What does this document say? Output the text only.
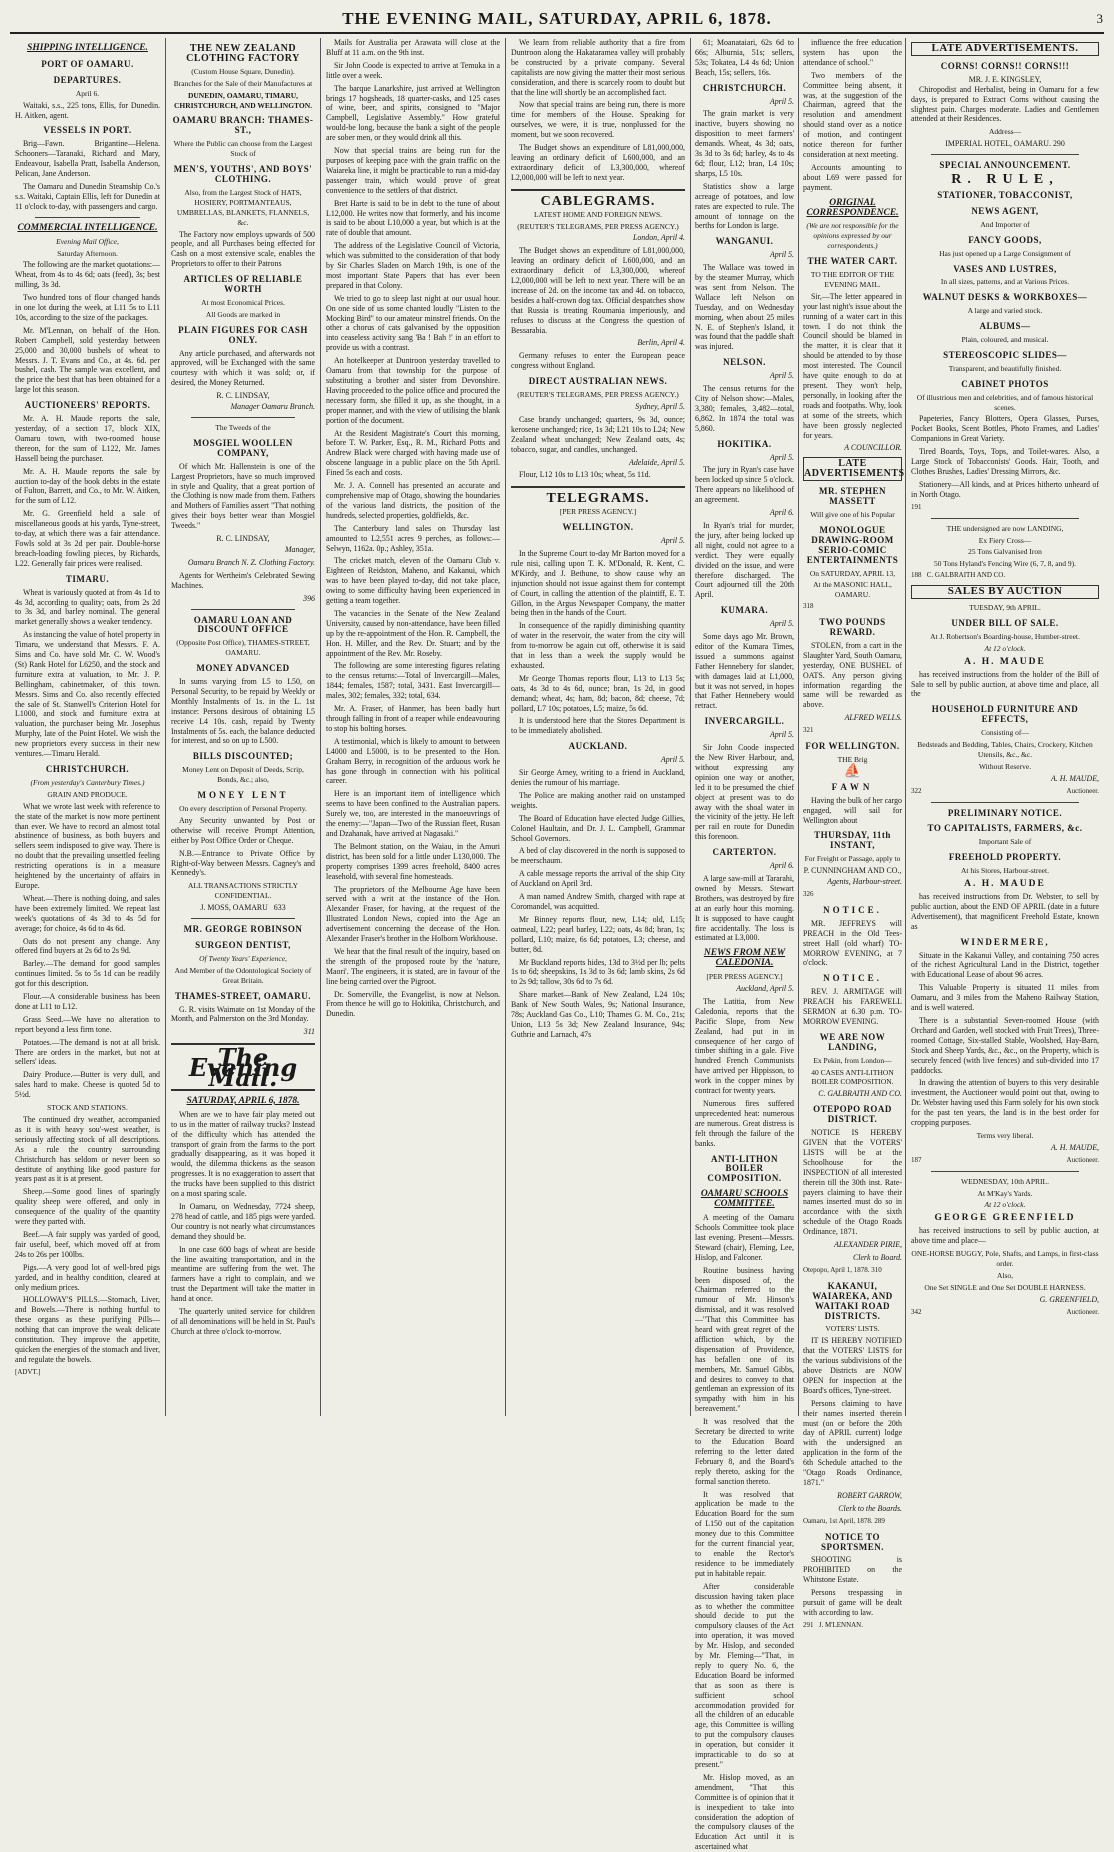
THE EVENING MAIL, SATURDAY, APRIL 6, 1878.	3
SHIPPING INTELLIGENCE.
PORT OF OAMARU.
DEPARTURES.
April 6.

Waitaki, s.s., 225 tons, Ellis, for Dunedin. H. Aitken, agent.

VESSELS IN PORT.

Brig—Fawn. Brigantine—Helena. Schooners—Taranaki, Richard and Mary, Endeavour, Isabella Pratt, Isabella Anderson, Pelican, Jane Anderson.

The Oamaru and Dunedin Steamship Co.'s s.s. Waitaki, Captain Ellis, left for Dunedin at 11 o'clock to-day, with passengers and cargo.

COMMERCIAL INTELLIGENCE.
Evening Mail Office,
Saturday Afternoon.

The following are the market quotations:—Wheat, from 4s to 4s 6d; oats (feed), 3s; best milling, 3s 3d.

Two hundred tons of flour changed hands in one lot during the week, at L11 5s to L11 10s, according to the size of the packages.

Mr. M'Lennan, on behalf of the Hon. Robert Campbell, sold yesterday between 25,000 and 30,000 bushels of wheat to Messrs. J. T. Evans and Co., at 4s. 6d. per bushel, cash. The sample was excellent, and the price the best that has been obtained for a large lot this season.

AUCTIONEERS' REPORTS.

Mr. A. H. Maude reports the sale, yesterday, of a section 17, block XIX, Oamaru town, with two-roomed house thereon, for the sum of L122, Mr. James Hassell being the purchaser.

Mr. A. H. Maude reports the sale by auction to-day of the book debts in the estate of Fulton, Barrett, and Co., to Mr. W. Aitken, for the sum of L12.

Mr. G. Greenfield held a sale of miscellaneous goods at his yards, Tyne-street, to-day, at which there was a fair attendance. Fowls sold at 3s 2d per pair. Double-horse breach-loading fowling pieces, by Richards, L22. Generally fair prices were realised.

TIMARU.

Wheat is variously quoted at from 4s 1d to 4s 3d, according to quality; oats, from 2s 2d to 3s 3d, and barley nominal. The general market generally shows a weaker tendency.

As instancing the value of hotel property in Timaru, we understand that Messrs. F. A. Sims and Co. have sold Mr. C. W. Wood's (St) Rank Hotel for L6250, and the stock and furniture extra at valuation, to Mr. J. P. Bellingham, cabinetmaker, of this town. Messrs. Sims and Co. also recently effected the sale of St. Stanwell's Criterion Hotel for L1000, and stock and furniture extra at valuation, the purchaser being Mr. Josephus Murphy, late of the Point Hotel. We wish the new proprietors every success in their new ventures.—Timaru Herald.

CHRISTCHURCH.
(From yesterday's Canterbury Times.)
GRAIN AND PRODUCE.

What we wrote last week with reference to the state of the market is now more pertinent than ever. We have to record an almost total abstinence of business, as both buyers and sellers seem indisposed to give way. There is no doubt that the prevailing unsettled feeling restricting operations is in a measure heightened by the uncertainty of affairs in Europe.

Wheat.—There is nothing doing, and sales have been extremely limited. We repeat last week's quotations of 4s 3d to 4s 5d for average; for choice, 4s 6d to 4s 6d.

Oats do not present any change. Any offered find buyers at 2s 6d to 2s 9d.

Barley.—The demand for good samples continues limited. 5s to 5s 1d can be readily got for this description.

Flour.—A considerable business has been done at L11 to L12.

Grass Seed.—We have no alteration to report beyond a less firm tone.

Potatoes.—The demand is not at all brisk. There are orders in the market, but not at sellers' ideas.

Dairy Produce.—Butter is very dull, and sales hard to make. Cheese is quoted 5d to 5½d.

STOCK AND STATIONS.

The continued dry weather, accompanied as it is with heavy sou'-west weather, is seriously affecting stock of all descriptions. As a rule the country surrounding Christchurch has seldom or never been so destitute of anything like good pasture for years past as it is at present.

Sheep.—Some good lines of sparingly quality sheep were offered, and only in consequence of the quality of the quantity were they parted with.

Beef.—A fair supply was yarded of good, fair useful, beef, which moved off at from 24s to 26s per 100lbs.

Pigs.—A very good lot of well-bred pigs yarded, and in healthy condition, cleared at only medium prices.

HOLLOWAY'S PILLS.—Stomach, Liver, and Bowels.—There is nothing hurtful to these organs as these purifying Pills—nothing that can improve the weak delicate constitution. They improve the appetite, quicken the energies of the stomach and liver, and regulate the bowels.

[ADVT.]
THE NEW ZEALAND CLOTHING FACTORY
(Custom House Square, Dunedin).
Branches for the Sale of their Manufactures at
DUNEDIN, OAMARU, TIMARU, CHRISTCHURCH, AND WELLINGTON.
OAMARU BRANCH: THAMES-ST.,
Where the Public can choose from the Largest Stock of
MEN'S, YOUTHS', AND BOYS' CLOTHING.
Also, from the Largest Stock of HATS, HOSIERY, PORTMANTEAUS, UMBRELLAS, BLANKETS, FLANNELS, &c.

The Factory now employs upwards of 500 people, and all Purchases being effected for Cash on a most extensive scale, enables the Proprietors to offer to their Patrons

ARTICLES OF RELIABLE WORTH
At most Economical Prices.
All Goods are marked in
PLAIN FIGURES FOR CASH ONLY.

Any article purchased, and afterwards not approved, will be Exchanged with the same courtesy with which it was sold; or, if desired, the Money Returned.

R. C. LINDSAY,
Manager Oamaru Branch.
The Tweeds of the
MOSGIEL WOOLLEN COMPANY,

Of which Mr. Hallenstein is one of the Largest Proprietors, have so much improved in style and Quality, that a great portion of the Clothing is now made from them. Fathers and Mothers of Families assert "That nothing gives their boys better wear than Mosgiel Tweeds."

R. C. LINDSAY,
Manager,
Oamaru Branch N. Z. Clothing Factory.

Agents for Wertheim's Celebrated Sewing Machines.

396
OAMARU LOAN AND DISCOUNT OFFICE
(Opposite Post Office), THAMES-STREET, OAMARU.
MONEY ADVANCED

In sums varying from L5 to L50, on Personal Security, to be repaid by Weekly or Monthly Instalments of 1s. in the L. 1st instance: Persons desirous of obtaining L5 receive L4 10s. cash, repaid by Twenty Instalments of 5s. each, the balance deducted for interest, and so on up to L500.

BILLS DISCOUNTED;
Money Lent on Deposit of Deeds, Scrip, Bonds, &c.; also,
MONEY LENT
On every description of Personal Property.

Any Security unwanted by Post or otherwise will receive Prompt Attention, either by Post Office Order or Cheque.

N.B.—Entrance to Private Office by Right-of-Way between Messrs. Cagney's and Kennedy's.

ALL TRANSACTIONS STRICTLY CONFIDENTIAL.
J. MOSS, OAMARU 633
MR. GEORGE ROBINSON
SURGEON DENTIST,
Of Twenty Years' Experience,
And Member of the Odontological Society of Great Britain.
THAMES-STREET, OAMARU.

G. R. visits Waimate on 1st Monday of the Month, and Palmerston on the 3rd Monday.

311
The Evening Mail.
SATURDAY, APRIL 6, 1878.

When are we to have fair play meted out to us in the matter of railway trucks? Instead of the difficulty which has attended the transport of grain from the farms to the port gradually disappearing, as it was hoped it would, the dilemma thickens as the season progresses. It is no exaggeration to assert that the trucks have been supplied to this district on a most sparing scale.

In Oamaru, on Wednesday, 7724 sheep, 278 head of cattle, and 185 pigs were yarded. Our country is not nearly what circumstances demand they should be.

In one case 600 bags of wheat are beside the line awaiting transportation, and in the meantime are suffering from the wet. The farmers have a right to complain, and we trust the Department will take the matter in hand at once.

The quarterly united service for children of all denominations will be held in St. Paul's Church at three o'clock to-morrow.

Mails for Australia per Arawata will close at the Bluff at 11 a.m. on the 9th inst.

Sir John Coode is expected to arrive at Temuka in a little over a week.

The barque Lanarkshire, just arrived at Wellington brings 17 hogsheads, 18 quarter-casks, and 125 cases of wine, beer, and spirits, consigned to "Major Campbell, Legislative Assembly." How grateful would-be long, because the bank a sight of the people are sober men, or they would drink all this.

Now that special trains are being run for the purposes of keeping pace with the grain traffic on the Waiareka line, it might be practicable to run a mid-day passenger train, which would prove of great convenience to the settlers of that district.

Bret Harte is said to be in debt to the tune of about L12,000. He writes now that formerly, and his income is said to be about L10,000 a year, but which is at the rate of double that amount.

The address of the Legislative Council of Victoria, which was submitted to the consideration of that body by Sir Charles Sladen on March 19th, is one of the most important State Papers that has ever been prepared in that Colony.

We tried to go to sleep last night at our usual hour. On one side of us some chanted loudly "Listen to the Mocking Bird" to our amateur minstrel friends. On the other a chorus of cats galvanised by the opposition into ceaseless activity sang 'Ba ! Bah !' in an effort to provide us with a contrast.

An hotelkeeper at Duntroon yesterday travelled to Oamaru from that township for the purpose of substituting a brother and sister from Devonshire. Having proceeded to the police office and procured the necessary form, she filled it up, as she thought, in a proper manner, and with the view of utilising the blank portion of the document.

At the Resident Magistrate's Court this morning, before T. W. Parker, Esq., R. M., Richard Potts and Andrew Black were charged with having made use of obscene language in a public place on the 5th April. Fined 5s each and costs.

Mr. J. A. Connell has presented an accurate and comprehensive map of Otago, showing the boundaries of the various land districts, the position of the hundreds, selected properties, goldfields, &c.

The Canterbury land sales on Thursday last amounted to L2,551 acres 9 perches, as follows:—Selwyn, 1162a. 0p.; Ashley, 351a.

The cricket match, eleven of the Oamaru Club v. Eighteen of Reidston, Maheno, and Kakanui, which was to have been played to-day, did not take place, owing to some difficulty having been experienced in getting a team together.

The vacancies in the Senate of the New Zealand University, caused by non-attendance, have been filled up by the re-appointment of the Hon. R. Campbell, the Hon. H. Miller, and the Rev. Dr. Stuart; and by the appointment of the Rev. Mr. Roseby.

The following are some interesting figures relating to the census returns:—Total of Invercargill—Males, 1844; females, 1587; total, 3431. East Invercargill—males, 302; females, 332; total, 634.

Mr. A. Fraser, of Hanmer, has been badly hurt through falling in front of a reaper while endeavouring to stop his bolting horses.

A testimonial, which is likely to amount to between L4000 and L5000, is to be presented to the Hon. Graham Berry, in recognition of the arduous work he has gone through in connection with his political career.

Here is an important item of intelligence which seems to have been confined to the Australian papers. Surely we, too, are interested in the manoeuvrings of the enemy:—"Japan—Two of the Russian fleet, Rusan and Dzahanak, have arrived at Nagasaki."

The Belmont station, on the Waiau, in the Amuri district, has been sold for a little under L130,000. The property comprises 1399 acres freehold, 8400 acres leasehold, with several fine homesteads.

The proprietors of the Melbourne Age have been served with a writ at the instance of the Hon. Alexander Fraser, for having, at the request of the Illustrated London News, copied into the Age an advertisement concerning the decease of the Hon. Alexander Fraser's brother in the Holborn Workhouse.

We hear that the final result of the inquiry, based on the strength of the proposed route by the 'nature, Maori'. The engineers, it is stated, are in favour of the line being carried over the Pigroot.

Dr. Somerville, the Evangelist, is now at Nelson. From thence he will go to Hokitika, Christchurch, and Dunedin.

We learn from reliable authority that a fire from Duntroon along the Hakataramea valley will probably be constructed by a private company. Several capitalists are now giving the matter their most serious consideration, and there is scarcely room to doubt but that the line will shortly be an accomplished fact.

Now that special trains are being run, there is more time for members of the House. Speaking for ourselves, we were, it is true, nonplussed for the moment, but we soon recovered.

The Budget shows an expenditure of L81,000,000, leaving an ordinary deficit of L600,000, and an extraordinary deficit of L3,300,000, whereof L2,000,000 will be left to next year.

CABLEGRAMS.
LATEST HOME AND FOREIGN NEWS.
(REUTER'S TELEGRAMS, PER PRESS AGENCY.)
London, April 4.

The Budget shows an expenditure of L81,000,000, leaving an ordinary deficit of L600,000, and an extraordinary deficit of L3,300,000, whereof L2,000,000 will be left to next year. There will be an increase of 2d. on the income tax and 4d. on tobacco, besides a half-crown dog tax. Official despatches show that Russia is treating Roumania imperiously, and refuses to discuss at the Congress the question of Bessarabia.

Berlin, April 4.

Germany refuses to enter the European peace congress without England.

DIRECT AUSTRALIAN NEWS.
(REUTER'S TELEGRAMS, PER PRESS AGENCY.)
Sydney, April 5.

Case brandy unchanged; quarters, 9s 3d, ounce; kerosene unchanged; rice, 1s 3d; L21 10s to L24; New Zealand wheat unchanged; New Zealand oats, 4s; tobacco, sugar, and candles, unchanged.

Adelaide, April 5.

Flour, L12 10s to L13 10s; wheat, 5s 11d.

TELEGRAMS.
[PER PRESS AGENCY.]
WELLINGTON.
April 5.

In the Supreme Court to-day Mr Barton moved for a rule nisi, calling upon T. K. M'Donald, R. Kent, C. M'Kirdy, and J. Bethune, to show cause why an injunction should not issue against them for contempt of Court, in calling the attention of the plaintiff, E. T. Gillon, in the Argus Newspaper Company, the matter being then in the hands of the Court.

In consequence of the rapidly diminishing quantity of water in the reservoir, the water from the city will from to-morrow be again cut off, otherwise it is said that in less than a week the supply would be exhausted.

Mr George Thomas reports flour, L13 to L13 5s; oats, 4s 3d to 4s 6d, ounce; bran, 1s 2d, in good demand; wheat, 4s; ham, 8d; bacon, 8d; cheese, 7d; pollard, L7 10s; potatoes, L5; maize, 5s 6d.

It is understood here that the Stores Department is to be immediately abolished.

AUCKLAND.
April 5.

Sir George Arney, writing to a friend in Auckland, denies the rumour of his marriage.

The Police are making another raid on unstamped weights.

The Board of Education have elected Judge Gillies, Colonel Haultain, and Dr. J. L. Campbell, Grammar School Governors.

A bed of clay discovered in the north is supposed to be meerschaum.

A cable message reports the arrival of the ship City of Auckland on April 3rd.

A man named Andrew Smith, charged with rape at Coromandel, was acquitted.

Mr Binney reports flour, new, L14; old, L15; oatmeal, L22; pearl barley, L22; oats, 4s 8d; bran, 1s; pollard, L10; maize, 6s 6d; potatoes, L3; cheese, and butter, 8d.

Mr Buckland reports hides, 13d to 3½d per lb; pelts 1s to 6d; sheepskins, 1s 3d to 3s 6d; lamb skins, 2s 6d to 2s 9d; tallow, 30s 6d to 7s 6d.

Share market—Bank of New Zealand, L24 10s; Bank of New South Wales, 9s; National Insurance, 78s; Auckland Gas Co., L10; Thames G. M. Co., 21s; Union, L13 5s 3d; New Zealand Insurance, 94s; Guthrie and Larnach, 47s

61; Moanataiari, 62s 6d to 66s; Alburnia, 51s; sellers, 53s; Tokatea, L4 4s 6d; Union Beach, 15s; sellers, 16s.

CHRISTCHURCH.
April 5.

The grain market is very inactive, buyers showing no disposition to meet farmers' demands. Wheat, 4s 3d; oats, 3s 3d to 3s 6d; barley, 4s to 4s 6d; flour, L12; bran, L4 10s; sharps, L5 10s.

Statistics show a large acreage of potatoes, and low rates are expected to rule. The amount of tonnage on the berths for London is large.

WANGANUI.
April 5.

The Wallace was towed in by the steamer Murray, which was sent from Nelson. The Wallace left Nelson on Tuesday, and on Wednesday morning, when about 25 miles N. E. of Stephen's Island, it was found that the paddle shaft was injured.

NELSON.
April 5.

The census returns for the City of Nelson show:—Males, 3,380; females, 3,482—total, 6,862. In 1874 the total was 5,860.

HOKITIKA.
April 5.

The jury in Ryan's case have been locked up since 5 o'clock. There appears no likelihood of an agreement.

April 6.

In Ryan's trial for murder, the jury, after being locked up all night, could not agree to a verdict. They were equally divided on the issue, and were therefore discharged. The Court adjourned till the 20th April.

KUMARA.
April 5.

Some days ago Mr. Brown, editor of the Kumara Times, issued a summons against Father Hennebery for slander, with damages laid at L1,000, but it was not served, in hopes that Father Hennebery would retract.

INVERCARGILL.
April 5.

Sir John Coode inspected the New River Harbour, and, without expressing any opinion one way or another, led it to be presumed the chief object at present was to do away with the shoal water in the vicinity of the jetty. He left per rail en route for Dunedin this forenoon.

CARTERTON.
April 6.

A large saw-mill at Tararahi, owned by Messrs. Stewart Brothers, was destroyed by fire at an early hour this morning. It is supposed to have caught fire accidentally. The loss is estimated at L3,000.

NEWS FROM NEW CALEDONIA.
[PER PRESS AGENCY.]
Auckland, April 5.

The Latitia, from New Caledonia, reports that the Pacific Slope, from New Zealand, had put in in consequence of her cargo of timber shifting in a gale. Five hundred French Communists have arrived per Hippisson, to work in the copper mines by contract for twenty years.

Numerous fires suffered unprecedented heat: numerous are numerous. Great distress is felt through the failure of the banks.

ANTI-LITHON BOILER COMPOSITION.
OAMARU SCHOOLS COMMITTEE.

A meeting of the Oamaru Schools Committee took place last evening. Present—Messrs. Steward (chair), Fleming, Lee, Hislop, and Falconer.

Routine business having been disposed of, the Chairman referred to the rumour of Mr. Hinson's dismissal, and it was resolved—"That this Committee has heard with great regret of the affliction which, by the dispensation of Providence, has befallen one of its members, Mr. Samuel Gibbs, and desires to convey to that gentleman an expression of its sympathy with him in his bereavement."

It was resolved that the Secretary be directed to write to the Education Board referring to the letter dated February 8, and the Board's reply thereto, asking for the formal sanction thereto.

It was resolved that application be made to the Education Board for the sum of L150 out of the capitation money due to this Committee for the current financial year, to enable the Rector's residence to be immediately put in habitable repair.

After considerable discussion having taken place as to whether the committee should decide to put the compulsory clauses of the Act into operation, it was moved by Mr. Hislop, and seconded by Mr. Fleming—"That, in reply to query No. 6, the Education Board be informed that as soon as there is sufficient school accommodation provided for all the children of an educable age, this Committee is willing to put the compulsory clauses in operation, but consider it impracticable to do so at present."

Mr. Hislop moved, as an amendment, "That this Committee is of opinion that it is inexpedient to take into consideration the adoption of the compulsory clauses of the Education Act until it is ascertained what

influence the free education system has upon the attendance of school."

Two members of the Committee being absent, it was, at the suggestion of the Chairman, agreed that the resolution and amendment should stand over as a notice of motion, and contingent notice thereon for further consideration at next meeting.

Accounts amounting to about L69 were passed for payment.

ORIGINAL CORRESPONDENCE.
(We are not responsible for the opinions expressed by our correspondents.)
THE WATER CART.
TO THE EDITOR OF THE EVENING MAIL.

Sir,—The letter appeared in your last night's issue about the running of a water cart in this town. I do not think the Council should be blamed in the matter, it is clear that it should be attended to by those most interested. The Council have quite enough to do at present. They won't help, personally, in looking after the roads and footpaths. Why, look at some of the streets, which have been grossly neglected for years.

A COUNCILLOR.
LATE ADVERTISEMENTS
MR. STEPHEN MASSETT
Will give one of his Popular
MONOLOGUE DRAWING-ROOM SERIO-COMIC ENTERTAINMENTS
On SATURDAY, APRIL 13,
At the MASONIC HALL, OAMARU.
318
TWO POUNDS REWARD.

STOLEN, from a cart in the Slaughter Yard, South Oamaru, yesterday, ONE BUSHEL of OATS. Any person giving information regarding the same will be rewarded as above.

ALFRED WELLS.
321
FOR WELLINGTON.
THE Brig
⛵
FAWN

Having the bulk of her cargo engaged, will sail for Wellington about

THURSDAY, 11th INSTANT,
For Freight or Passage, apply to
P. CUNNINGHAM AND CO.,
Agents, Harbour-street.
326
NOTICE.

MR. JEFFREYS will PREACH in the Old Tees-street Hall (old wharf) TO-MORROW EVENING, at 7 o'clock.

NOTICE.

REV. J. ARMITAGE will PREACH his FAREWELL SERMON at 6.30 p.m. TO-MORROW EVENING.

WE ARE NOW LANDING,
Ex Pekin, from London—
40 CASES ANTI-LITHON BOILER COMPOSITION.
C. GALBRAITH AND CO.
OTEPOPO ROAD DISTRICT.

NOTICE IS HEREBY GIVEN that the VOTERS' LISTS will be at the Schoolhouse for the INSPECTION of all interested therein till the 30th inst. Rate-payers claiming to have their names inserted must do so in accordance with the sixth schedule of the Otago Roads Ordinance, 1871.

ALEXANDER PIRIE,
Clerk to Board.
Otepopo, April 1, 1878. 310
KAKANUI, WAIAREKA, AND WAITAKI ROAD DISTRICTS.
VOTERS' LISTS.

IT IS HEREBY NOTIFIED that the VOTERS' LISTS for the various subdivisions of the above Districts are NOW OPEN for inspection at the Board's offices, Tyne-street.

Persons claiming to have their names inserted therein must (on or before the 20th day of APRIL current) lodge with the undersigned an application in the form of the 6th Schedule attached to the "Otago Roads Ordinance, 1871."

ROBERT GARROW,
Clerk to the Boards.
Oamaru, 1st April, 1878. 289
NOTICE TO SPORTSMEN.

SHOOTING is PROHIBITED on the Whitstone Estate.

Persons trespassing in pursuit of game will be dealt with according to law.

291 J. M'LENNAN.
LATE ADVERTISEMENTS.
CORNS! CORNS!! CORNS!!!
MR. J. E. KINGSLEY,

Chiropodist and Herbalist, being in Oamaru for a few days, is prepared to Extract Corns without causing the slightest pain. Charges moderate. Ladies and Gentlemen attended at their Residences.

Address—
IMPERIAL HOTEL, OAMARU. 290
SPECIAL ANNOUNCEMENT.
R. RULE,
STATIONER, TOBACCONIST,
NEWS AGENT,
And Importer of
FANCY GOODS,
Has just opened up a Large Consignment of
VASES AND LUSTRES,
In all sizes, patterns, and at Various Prices.
WALNUT DESKS & WORKBOXES—
A large and varied stock.
ALBUMS—
Plain, coloured, and musical.
STEREOSCOPIC SLIDES—
Transparent, and beautifully finished.
CABINET PHOTOS
Of illustrious men and celebrities, and of famous historical scenes.

Papeteries, Fancy Blotters, Opera Glasses, Purses, Pocket Books, Scent Bottles, Photo Frames, and Ladies' Companions in Great Variety.

Tired Boards, Toys, Tops, and Toilet-wares. Also, a Large Stock of Tobacconists' Goods. Hair, Tooth, and Clothes Brushes, Ladies' Dressing Mirrors, &c.

Stationery—All kinds, and at Prices hitherto unheard of in North Otago.

191
THE undersigned are now LANDING,
Ex Fiery Cross—
25 Tons Galvanised Iron
50 Tons Hyland's Fencing Wire (6, 7, 8, and 9).
188 C. GALBRAITH AND CO.
SALES BY AUCTION
TUESDAY, 9th APRIL.
UNDER BILL OF SALE.
At J. Robertson's Boarding-house, Humber-street.
At 12 o'clock.
A. H. MAUDE

has received instructions from the holder of the Bill of Sale to sell by public auction, at above time and place, all the

HOUSEHOLD FURNITURE AND EFFECTS,
Consisting of—
Bedsteads and Bedding, Tables, Chairs, Crockery, Kitchen Utensils, &c., &c.
Without Reserve.
A. H. MAUDE,
322	Auctioneer.
PRELIMINARY NOTICE.
TO CAPITALISTS, FARMERS, &c.
Important Sale of
FREEHOLD PROPERTY.
At his Stores, Harbour-street.
A. H. MAUDE

has received instructions from Dr. Webster, to sell by public auction, about the END OF APRIL (date in a future Advertisement), that magnificent Freehold Estate, known as

WINDERMERE,

Situate in the Kakanui Valley, and containing 750 acres of the richest Agricultural Land in the District, together with Educational Lease of about 96 acres.

This Valuable Property is situated 11 miles from Oamaru, and 3 miles from the Maheno Railway Station, and is well watered.

There is a substantial Seven-roomed House (with Orchard and Garden, well stocked with Fruit Trees), Three-roomed Cottage, Six-stalled Stable, Woolshed, Hay-Barn, Stock and Sheep Yards, &c., &c., on the Property, which is securely fenced (with live fences) and sub-divided into 17 paddocks.

In drawing the attention of buyers to this very desirable investment, the Auctioneer would point out that, owing to Dr. Webster having used this Farm solely for his own stock for the past ten years, the land is in the best order for cropping purposes.

Terms very liberal.
A. H. MAUDE,
187	Auctioneer.
WEDNESDAY, 10th APRIL.
At M'Kay's Yards.
At 12 o'clock.
GEORGE GREENFIELD

has received instructions to sell by public auction, at above time and place—

ONE-HORSE BUGGY, Pole, Shafts, and Lamps, in first-class order.
Also,
One Set SINGLE and One Set DOUBLE HARNESS.
G. GREENFIELD,
342	Auctioneer.
